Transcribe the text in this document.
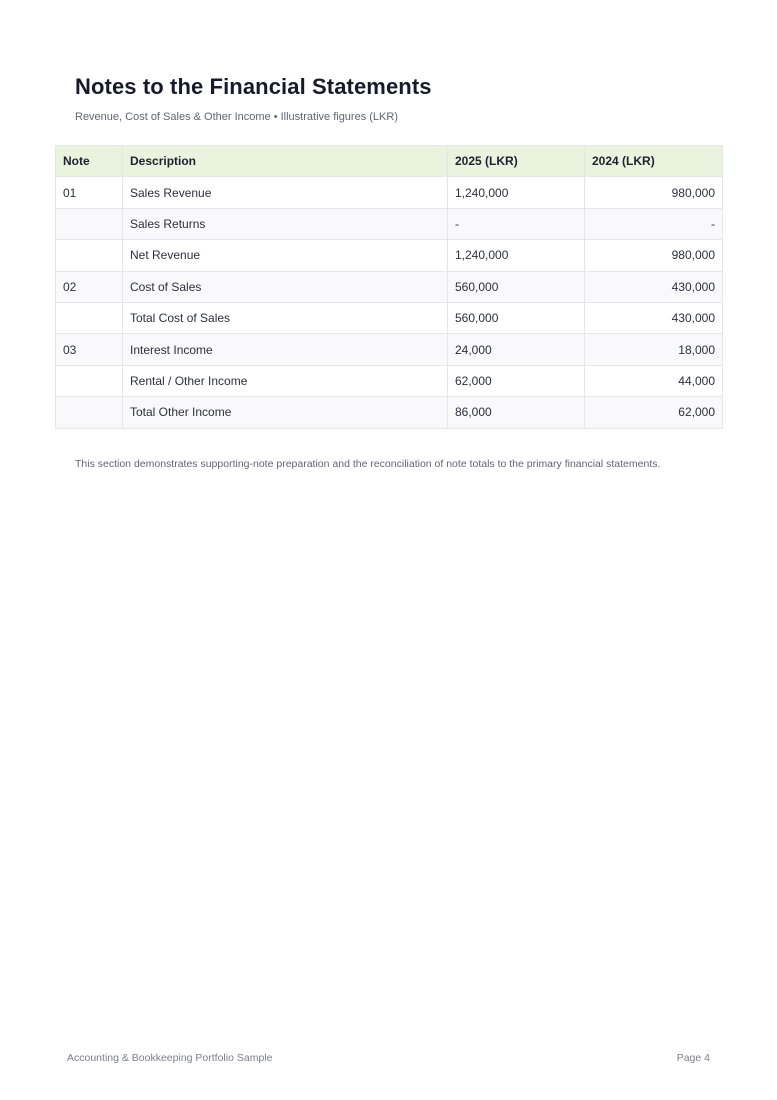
Notes to the Financial Statements
Revenue, Cost of Sales & Other Income • Illustrative figures (LKR)
Note	Description	2025 (LKR)	2024 (LKR)
01	Sales Revenue	1,240,000	980,000
	Sales Returns	-	-
	Net Revenue	1,240,000	980,000
02	Cost of Sales	560,000	430,000
	Total Cost of Sales	560,000	430,000
03	Interest Income	24,000	18,000
	Rental / Other Income	62,000	44,000
	Total Other Income	86,000	62,000

This section demonstrates supporting-note preparation and the reconciliation of note totals to the primary financial statements.

Accounting & Bookkeeping Portfolio Sample	Page 4
